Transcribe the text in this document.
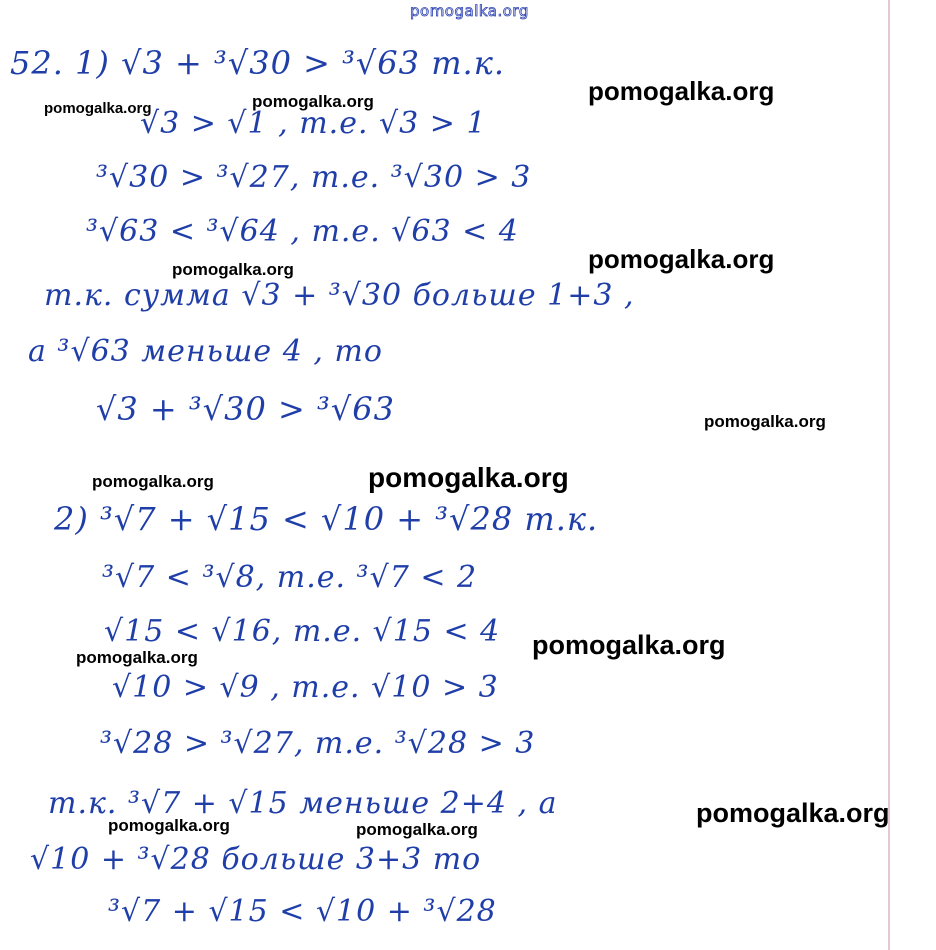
pomogalka.org
52. 1) √3 + ³√30 > ³√63 т.к.
√3 > √1 , т.е. √3 > 1
³√30 > ³√27, т.е. ³√30 > 3
³√63 < ³√64 , т.е. √63 < 4
т.к. сумма √3 + ³√30 больше 1+3 ,
а ³√63 меньше 4 , то
√3 + ³√30 > ³√63
2) ³√7 + √15 < √10 + ³√28 т.к.
³√7 < ³√8, т.е. ³√7 < 2
√15 < √16, т.е. √15 < 4
√10 > √9 , т.е. √10 > 3
³√28 > ³√27, т.е. ³√28 > 3
т.к. ³√7 + √15 меньше 2+4 , а
√10 + ³√28 больше 3+3 то
³√7 + √15 < √10 + ³√28
pomogalka.org	pomogalka.org	pomogalka.org
pomogalka.org
pomogalka.org
pomogalka.org
pomogalka.org	pomogalka.org
pomogalka.org
pomogalka.org
pomogalka.org
pomogalka.org	pomogalka.org
